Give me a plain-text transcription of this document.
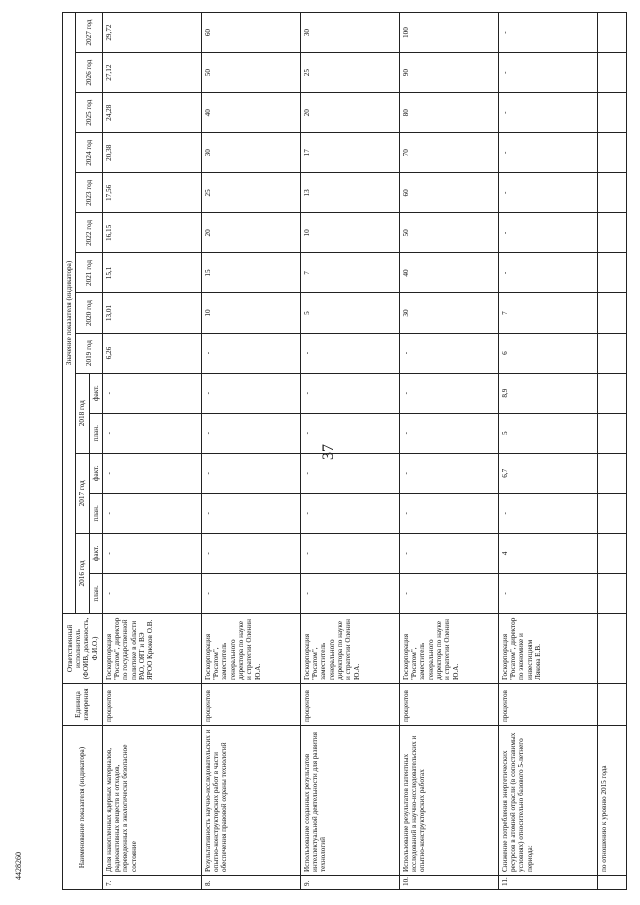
37
4428260	Наименование показателя (индикатора)		Единица измерения	Ответственный исполнитель (ФОИВ, должность, Ф.И.О.)	Значение показателя (индикатора)														
				2016 год		2017 год		2018 год		2019 год	2020 год	2021 год	2022 год	2023 год	2024 год	2025 год	2026 год	2027 год
				план.	факт.	план.	факт.	план.	факт.									
7.	Доля накопленных ядерных материалов, радиоактивных веществ и отходов, переведенных в экологически безопасное состояние	процентов	Госкорпорация "Росатом", директор по государственной политике в области РАО, ОЯТ и ВЭ ЯРОО Крюков О.В.	-	-	-	-	-	-	6,26	13,01	15,1	16,15	17,56	20,38	24,28	27,12	29,72
8.	Результативность научно-исследовательских и опытно-конструкторских работ в части обеспечения правовой охраны технологий	процентов	Госкорпорация "Росатом", заместитель генерального директора по науке и стратегии Оленин Ю.А.	-	-	-	-	-	-	-	10	15	20	25	30	40	50	60
9.	Использование созданных результатов интеллектуальной деятельности для развития технологий	процентов	Госкорпорация "Росатом", заместитель генерального директора по науке и стратегии Оленин Ю.А.	-	-	-	-	-	-	-	5	7	10	13	17	20	25	30
10.	Использование результатов патентных исследований в научно-исследовательских и опытно-конструкторских работах	процентов	Госкорпорация "Росатом", заместитель генерального директора по науке и стратегии Оленин Ю.А.	-	-	-	-	-	-	-	30	40	50	60	70	80	90	100
11.	Снижение потребления энергетических ресурсов в атомной отрасли (в сопоставимых условиях) относительно базового 5-летнего периода:	процентов	Госкорпорация "Росатом", директор по экономике и инвестициям Лякова Е.В.	-	4	-	6,7	5	8,9	6	7	-	-	-	-	-	-	-
	по отношению к уровню 2015 года																	
